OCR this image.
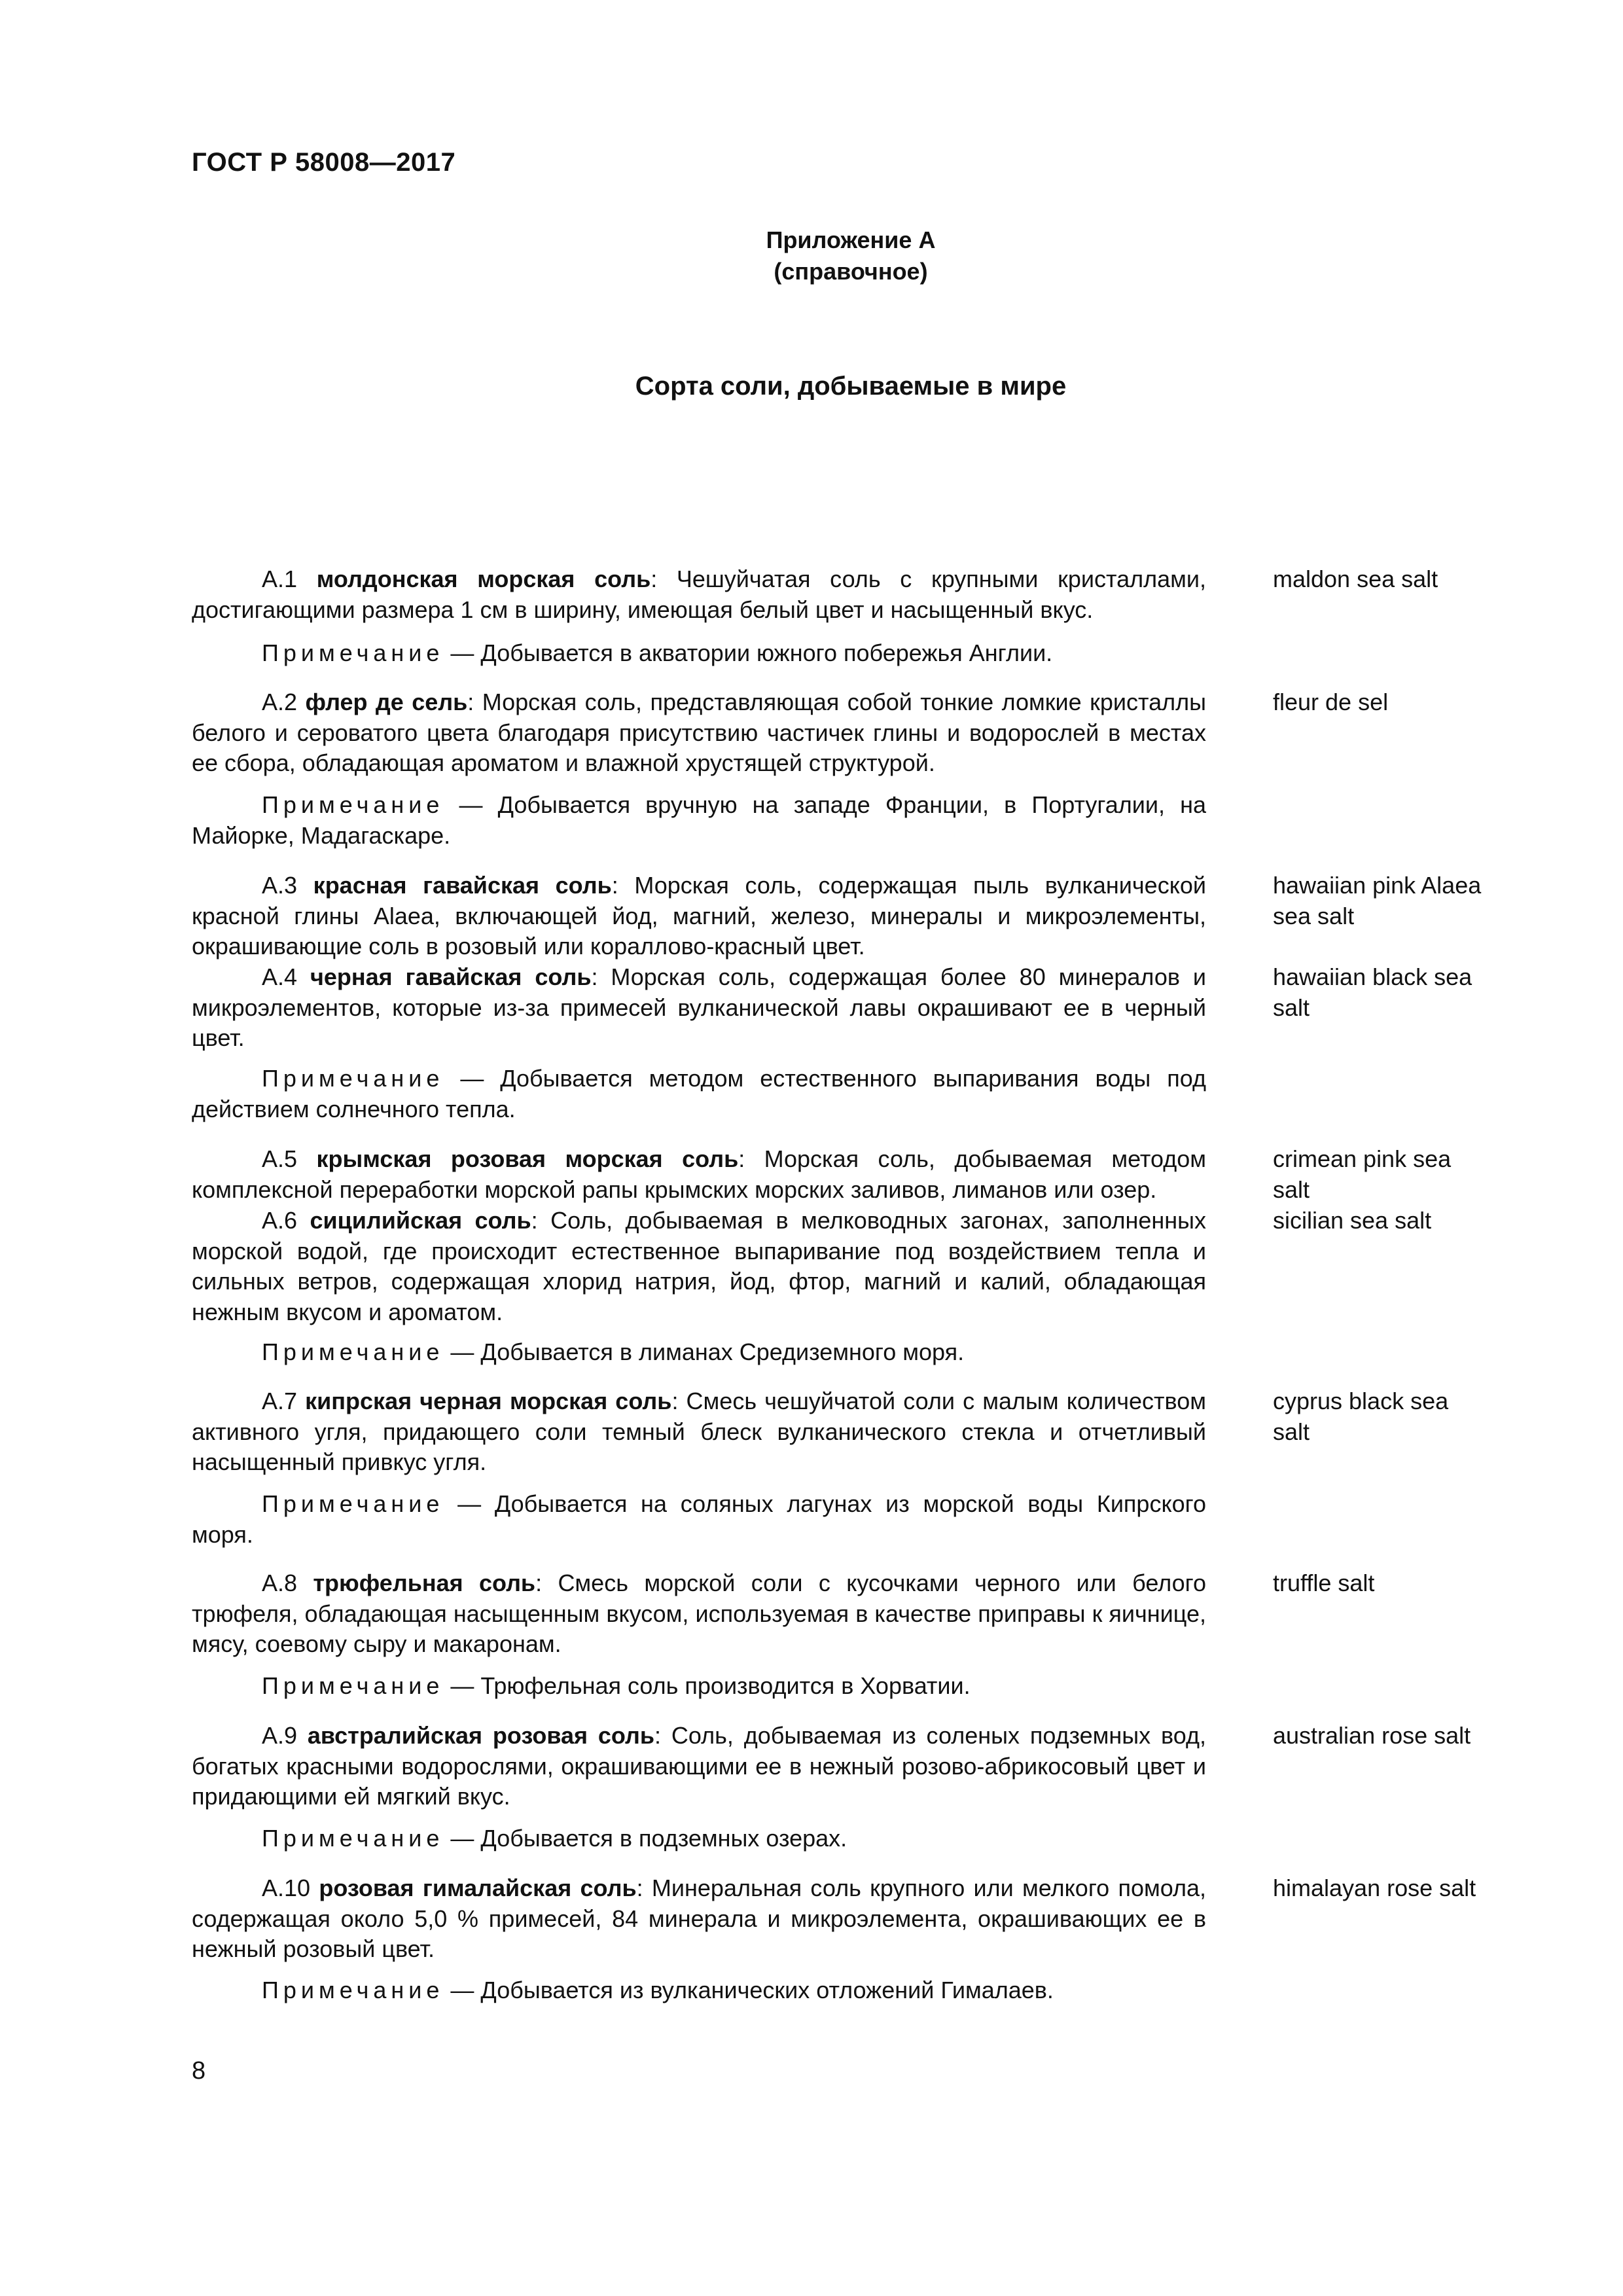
ГОСТ Р 58008—2017
Приложение А
(справочное)
Сорта соли, добываемые в мире

А.1 молдонская морская соль: Чешуйчатая соль с крупными кристаллами, достигающими размера 1 см в ширину, имеющая белый цвет и насыщенный вкус.

maldon sea salt

Примечание — Добывается в акватории южного побережья Англии.

А.2 флер де сель: Морская соль, представляющая собой тонкие ломкие кристаллы белого и сероватого цвета благодаря присутствию частичек глины и водорослей в местах ее сбора, обладающая ароматом и влажной хрустящей структурой.

fleur de sel

Примечание — Добывается вручную на западе Франции, в Португалии, на Майорке, Мадагаскаре.

А.3 красная гавайская соль: Морская соль, содержащая пыль вулканической красной глины Alaea, включающей йод, магний, железо, минералы и микроэлементы, окрашивающие соль в розовый или кораллово-красный цвет.

hawaiian pink Alaea sea salt

А.4 черная гавайская соль: Морская соль, содержащая более 80 минералов и микроэлементов, которые из-за примесей вулканической лавы окрашивают ее в черный цвет.

hawaiian black sea salt

Примечание — Добывается методом естественного выпаривания воды под действием солнечного тепла.

А.5 крымская розовая морская соль: Морская соль, добываемая методом комплексной переработки морской рапы крымских морских заливов, лиманов или озер.

crimean pink sea salt

А.6 сицилийская соль: Соль, добываемая в мелководных загонах, заполненных морской водой, где происходит естественное выпаривание под воздействием тепла и сильных ветров, содержащая хлорид натрия, йод, фтор, магний и калий, обладающая нежным вкусом и ароматом.

sicilian sea salt

Примечание — Добывается в лиманах Средиземного моря.

А.7 кипрская черная морская соль: Смесь чешуйчатой соли с малым количеством активного угля, придающего соли темный блеск вулканического стекла и отчетливый насыщенный привкус угля.

cyprus black sea salt

Примечание — Добывается на соляных лагунах из морской воды Кипрского моря.

А.8 трюфельная соль: Смесь морской соли с кусочками черного или белого трюфеля, обладающая насыщенным вкусом, используемая в качестве приправы к яичнице, мясу, соевому сыру и макаронам.

truffle salt

Примечание — Трюфельная соль производится в Хорватии.

А.9 австралийская розовая соль: Соль, добываемая из соленых подземных вод, богатых красными водорослями, окрашивающими ее в нежный розово-абрикосовый цвет и придающими ей мягкий вкус.

australian rose salt

Примечание — Добывается в подземных озерах.

А.10 розовая гималайская соль: Минеральная соль крупного или мелкого помола, содержащая около 5,0 % примесей, 84 минерала и микроэлемента, окрашивающих ее в нежный розовый цвет.

himalayan rose salt

Примечание — Добывается из вулканических отложений Гималаев.

8
